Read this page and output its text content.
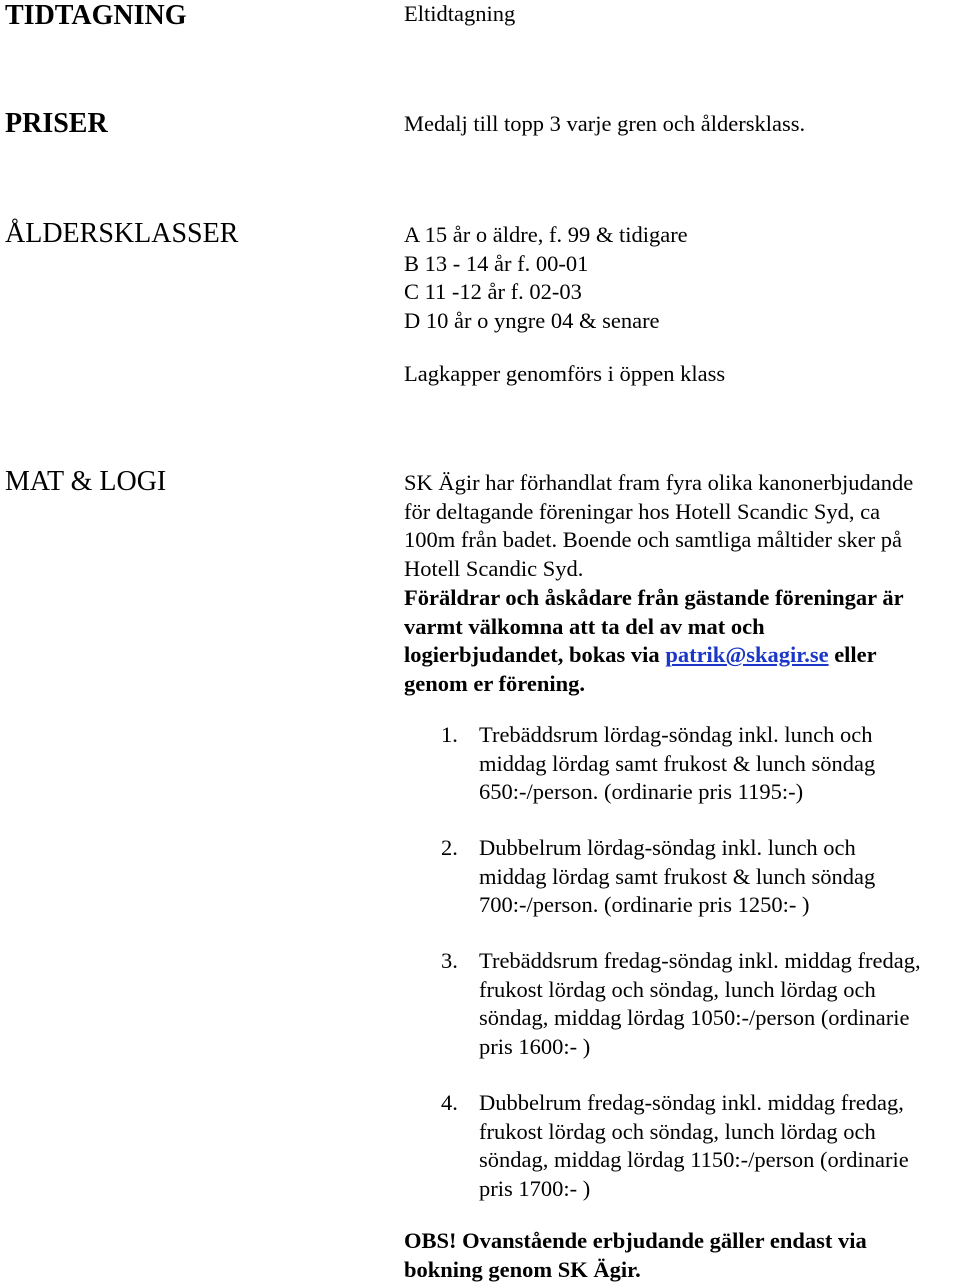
TIDTAGNING	Eltidtagning
PRISER	Medalj till topp 3 varje gren och åldersklass.
ÅLDERSKLASSER	A 15 år o äldre, f. 99 & tidigare
B 13 - 14 år f. 00-01
C 11 -12 år f. 02-03
D 10 år o yngre 04 & senare
Lagkapper genomförs i öppen klass
MAT & LOGI	SK Ägir har förhandlat fram fyra olika kanonerbjudande
för deltagande föreningar hos Hotell Scandic Syd, ca
100m från badet. Boende och samtliga måltider sker på
Hotell Scandic Syd.
Föräldrar och åskådare från gästande föreningar är
varmt välkomna att ta del av mat och
logierbjudandet, bokas via patrik@skagir.se eller
genom er förening.
1. Trebäddsrum lördag-söndag inkl. lunch och
middag lördag samt frukost & lunch söndag
650:-/person. (ordinarie pris 1195:-)
2. Dubbelrum lördag-söndag inkl. lunch och
middag lördag samt frukost & lunch söndag
700:-/person. (ordinarie pris 1250:- )
3. Trebäddsrum fredag-söndag inkl. middag fredag,
frukost lördag och söndag, lunch lördag och
söndag, middag lördag 1050:-/person (ordinarie
pris 1600:- )
4. Dubbelrum fredag-söndag inkl. middag fredag,
frukost lördag och söndag, lunch lördag och
söndag, middag lördag 1150:-/person (ordinarie
pris 1700:- )
OBS! Ovanstående erbjudande gäller endast via
bokning genom SK Ägir.
